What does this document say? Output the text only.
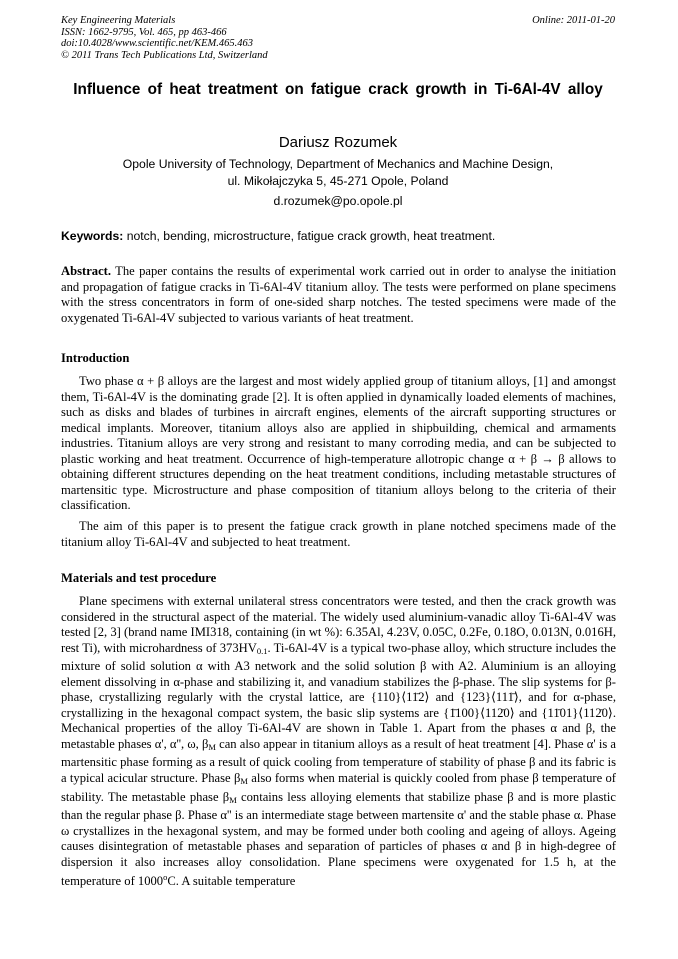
Key Engineering Materials
ISSN: 1662-9795, Vol. 465, pp 463-466
doi:10.4028/www.scientific.net/KEM.465.463
© 2011 Trans Tech Publications Ltd, Switzerland
Online: 2011-01-20
Influence of heat treatment on fatigue crack growth in Ti-6Al-4V alloy
Dariusz Rozumek
Opole University of Technology, Department of Mechanics and Machine Design,
ul. Mikołajczyka 5, 45-271 Opole, Poland
d.rozumek@po.opole.pl
Keywords: notch, bending, microstructure, fatigue crack growth, heat treatment.
Abstract. The paper contains the results of experimental work carried out in order to analyse the initiation and propagation of fatigue cracks in Ti-6Al-4V titanium alloy. The tests were performed on plane specimens with the stress concentrators in form of one-sided sharp notches. The tested specimens were made of the oxygenated Ti-6Al-4V subjected to various variants of heat treatment.
Introduction

Two phase α + β alloys are the largest and most widely applied group of titanium alloys, [1] and amongst them, Ti-6Al-4V is the dominating grade [2]. It is often applied in dynamically loaded elements of machines, such as disks and blades of turbines in aircraft engines, elements of the aircraft supporting structures or medical implants. Moreover, titanium alloys also are applied in shipbuilding, chemical and armaments industries. Titanium alloys are very strong and resistant to many corroding media, and can be subjected to plastic working and heat treatment. Occurrence of high-temperature allotropic change α + β → β allows to obtaining different structures depending on the heat treatment conditions, including metastable structures of martensitic type. Microstructure and phase composition of titanium alloys belong to the criteria of their classification.

The aim of this paper is to present the fatigue crack growth in plane notched specimens made of the titanium alloy Ti-6Al-4V and subjected to heat treatment.

Materials and test procedure

Plane specimens with external unilateral stress concentrators were tested, and then the crack growth was considered in the structural aspect of the material. The widely used aluminium-vanadic alloy Ti-6Al-4V was tested [2, 3] (brand name IMI318, containing (in wt %): 6.35Al, 4.23V, 0.05C, 0.2Fe, 0.18O, 0.013N, 0.016H, rest Ti), with microhardness of $373HV_{0.1}$. Ti-6Al-4V is a typical two-phase alloy, which structure includes the mixture of solid solution α with A3 network and the solid solution β with A2. Aluminium is an alloying element dissolving in α-phase and stabilizing it, and vanadium stabilizes the β-phase. The slip systems for β-phase, crystallizing regularly with the crystal lattice, are {110}⟨11̄2⟩ and {123}⟨111̄⟩, and for α-phase, crystallizing in the hexagonal compact system, the basic slip systems are {1̄100}⟨112̄0⟩ and {11̄01}⟨112̄0⟩. Mechanical properties of the alloy Ti-6Al-4V are shown in Table 1. Apart from the phases α and β, the metastable phases α', α'', ω, $\beta_M$ can also appear in titanium alloys as a result of heat treatment [4]. Phase α' is a martensitic phase forming as a result of quick cooling from temperature of stability of phase β and its fabric is a typical acicular structure. Phase $\beta_M$ also forms when material is quickly cooled from phase β temperature of stability. The metastable phase $\beta_M$ contains less alloying elements that stabilize phase β and is more plastic than the regular phase β. Phase α'' is an intermediate stage between martensite α' and the stable phase α. Phase ω crystallizes in the hexagonal system, and may be formed under both cooling and ageing of alloys. Ageing causes disintegration of metastable phases and separation of particles of phases α and β in high-degree of dispersion it also increases alloy consolidation. Plane specimens were oxygenated for 1.5 h, at the temperature of 1000$^o$C. A suitable temperature
